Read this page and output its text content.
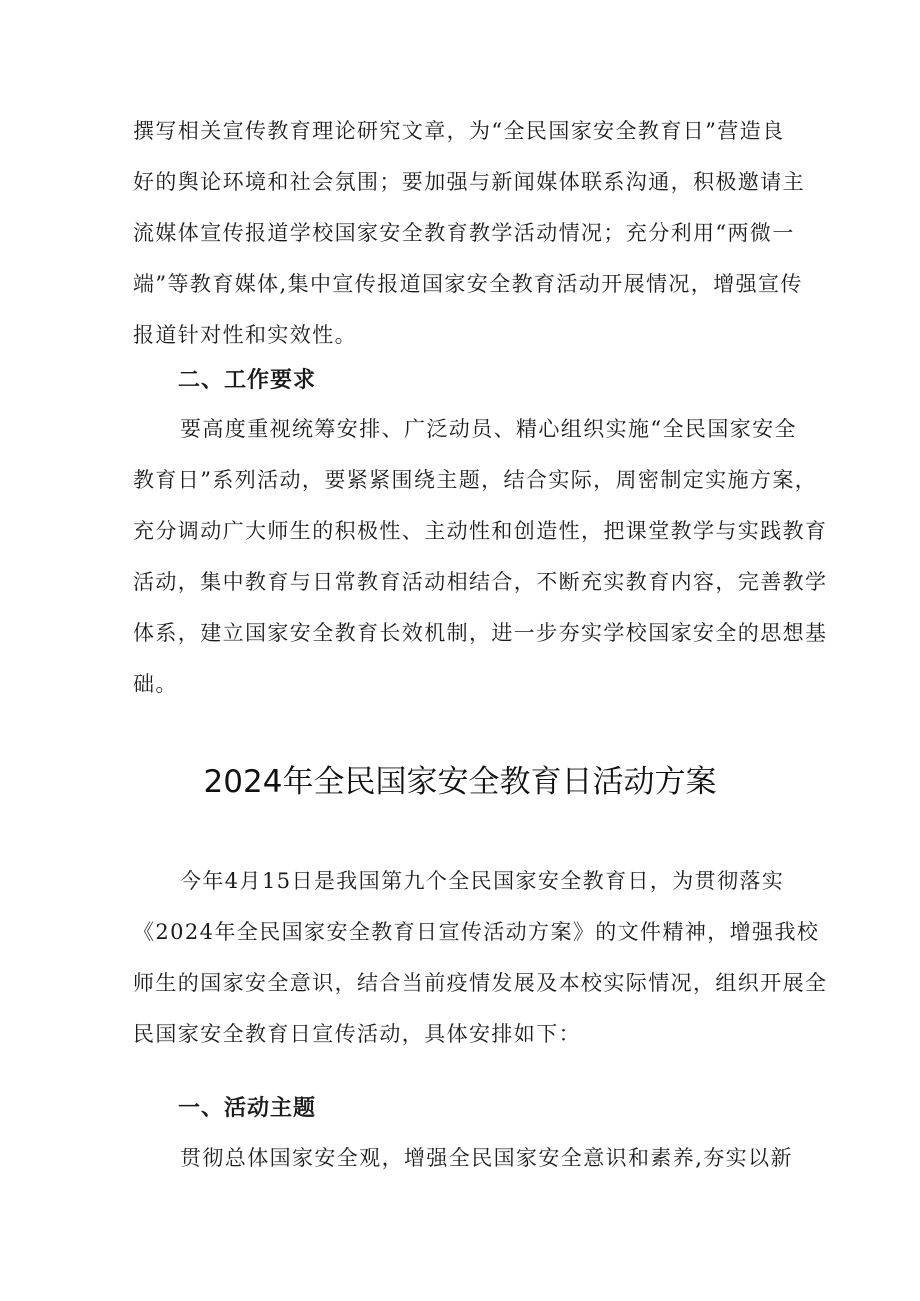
撰写相关宣传教育理论研究文章，为“全民国家安全教育日”营造良
好的舆论环境和社会氛围；要加强与新闻媒体联系沟通，积极邀请主
流媒体宣传报道学校国家安全教育教学活动情况；充分利用“两微一
端”等教育媒体,集中宣传报道国家安全教育活动开展情况，增强宣传
报道针对性和实效性。
二、工作要求
要高度重视统筹安排、广泛动员、精心组织实施“全民国家安全
教育日”系列活动，要紧紧围绕主题，结合实际，周密制定实施方案，
充分调动广大师生的积极性、主动性和创造性，把课堂教学与实践教育
活动，集中教育与日常教育活动相结合，不断充实教育内容，完善教学
体系，建立国家安全教育长效机制，进一步夯实学校国家安全的思想基
础。
2024年全民国家安全教育日活动方案
今年4月15日是我国第九个全民国家安全教育日，为贯彻落实
《2024年全民国家安全教育日宣传活动方案》的文件精神，增强我校
师生的国家安全意识，结合当前疫情发展及本校实际情况，组织开展全
民国家安全教育日宣传活动，具体安排如下：
一、活动主题
贯彻总体国家安全观，增强全民国家安全意识和素养,夯实以新
